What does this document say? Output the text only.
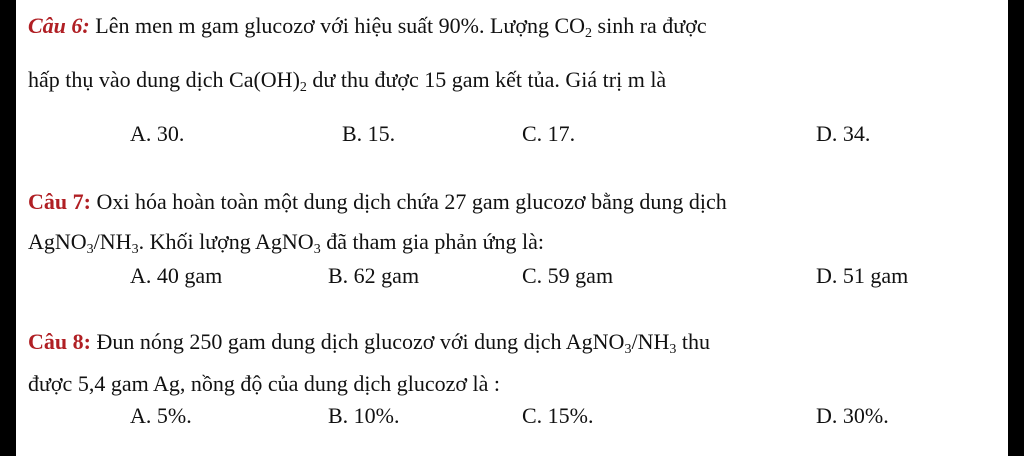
Câu 6: Lên men m gam glucozơ với hiệu suất 90%. Lượng $CO_2$ sinh ra được
hấp thụ vào dung dịch $Ca(OH)_2$ dư thu được 15 gam kết tủa. Giá trị m là
A. 30.	B. 15.	C. 17.	D. 34.
Câu 7: Oxi hóa hoàn toàn một dung dịch chứa 27 gam glucozơ bằng dung dịch
$AgNO_3/NH_3$. Khối lượng AgNO$_3$ đã tham gia phản ứng là:
A. 40 gam	B. 62 gam	C. 59 gam	D. 51 gam
Câu 8: Đun nóng 250 gam dung dịch glucozơ với dung dịch $AgNO_3/NH_3$ thu
được 5,4 gam Ag, nồng độ của dung dịch glucozơ là :
A. 5%.	B. 10%.	C. 15%.	D. 30%.
